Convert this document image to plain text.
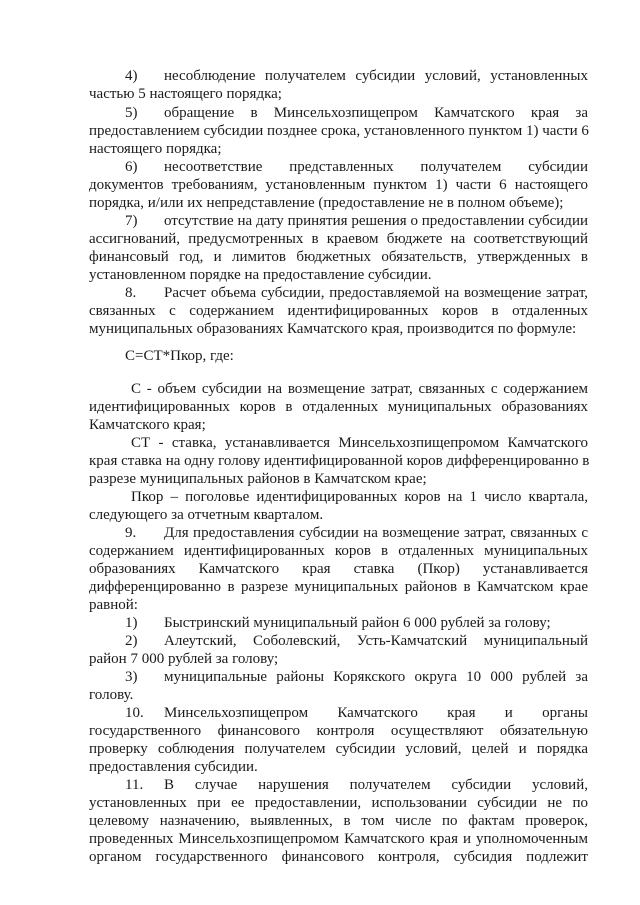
4) несоблюдение получателем субсидии условий, установленных
частью 5 настоящего порядка;
5) обращение в Минсельхозпищепром Камчатского края за
предоставлением субсидии позднее срока, установленного пунктом 1) части 6
настоящего порядка;
6) несоответствие представленных получателем субсидии
документов требованиям, установленным пунктом 1) части 6 настоящего
порядка, и/или их непредставление (предоставление не в полном объеме);
7) отсутствие на дату принятия решения о предоставлении субсидии
ассигнований, предусмотренных в краевом бюджете на соответствующий
финансовый год, и лимитов бюджетных обязательств, утвержденных в
установленном порядке на предоставление субсидии.
8. Расчет объема субсидии, предоставляемой на возмещение затрат,
связанных с содержанием идентифицированных коров в отдаленных
муниципальных образованиях Камчатского края, производится по формуле:
С=СТ*Пкор, где:
С - объем субсидии на возмещение затрат, связанных с содержанием
идентифицированных коров в отдаленных муниципальных образованиях
Камчатского края;
СТ - ставка, устанавливается Минсельхозпищепромом Камчатского
края ставка на одну голову идентифицированной коров дифференцированно в
разрезе муниципальных районов в Камчатском крае;
Пкор – поголовье идентифицированных коров на 1 число квартала,
следующего за отчетным кварталом.
9. Для предоставления субсидии на возмещение затрат, связанных с
содержанием идентифицированных коров в отдаленных муниципальных
образованиях Камчатского края ставка (Пкор) устанавливается
дифференцированно в разрезе муниципальных районов в Камчатском крае
равной:
1) Быстринский муниципальный район 6 000 рублей за голову;
2) Алеутский, Соболевский, Усть-Камчатский муниципальный
район 7 000 рублей за голову;
3) муниципальные районы Корякского округа 10 000 рублей за
голову.
10. Минсельхозпищепром Камчатского края и органы
государственного финансового контроля осуществляют обязательную
проверку соблюдения получателем субсидии условий, целей и порядка
предоставления субсидии.
11. В случае нарушения получателем субсидии условий,
установленных при ее предоставлении, использовании субсидии не по
целевому назначению, выявленных, в том числе по фактам проверок,
проведенных Минсельхозпищепромом Камчатского края и уполномоченным
органом государственного финансового контроля, субсидия подлежит
